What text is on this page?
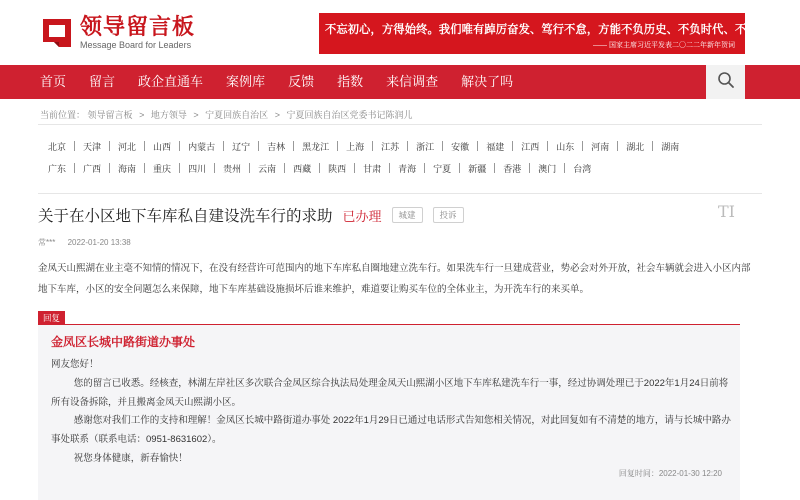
领导留言板
Message Board for Leaders
不忘初心，方得始终。我们唯有踔厉奋发、笃行不怠，方能不负历史、不负时代、不负人民。
—— 国家主席习近平发表二〇二二年新年贺词
首页 留言 政企直通车 案例库 反馈 指数 来信调查 解决了吗
当前位置： 领导留言板 > 地方领导 > 宁夏回族自治区 > 宁夏回族自治区党委书记陈润儿
北京 天津 河北 山西 内蒙古 辽宁 吉林 黑龙江 上海 江苏 浙江 安徽 福建 江西 山东 河南 湖北 湖南
广东 广西 海南 重庆 四川 贵州 云南 西藏 陕西 甘肃 青海 宁夏 新疆 香港 澳门 台湾
关于在小区地下车库私自建设洗车行的求助 已办理	城建	投诉	TI
常*** 2022-01-20 13:38
金凤天山熙湖在业主毫不知情的情况下，在没有经营许可范围内的地下车库私自圈地建立洗车行。如果洗车行一旦建成营业，势必会对外开放，社会车辆就会进入小区内部地下车库，小区的安全问题怎么来保障，地下车库基础设施损坏后谁来维护，难道要让购买车位的全体业主，为开洗车行的来买单。
回复
金凤区长城中路街道办事处

网友您好！

您的留言已收悉。经核查，林湖左岸社区多次联合金凤区综合执法局处理金凤天山熙湖小区地下车库私建洗车行一事，经过协调处理已于2022年1月24日前将所有设备拆除，并且搬离金凤天山熙湖小区。

感谢您对我们工作的支持和理解！金凤区长城中路街道办事处 2022年1月29日已通过电话形式告知您相关情况，对此回复如有不清楚的地方，请与长城中路办事处联系（联系电话：0951-8631602）。

祝您身体健康，新春愉快！

回复时间：2022-01-30 12:20
